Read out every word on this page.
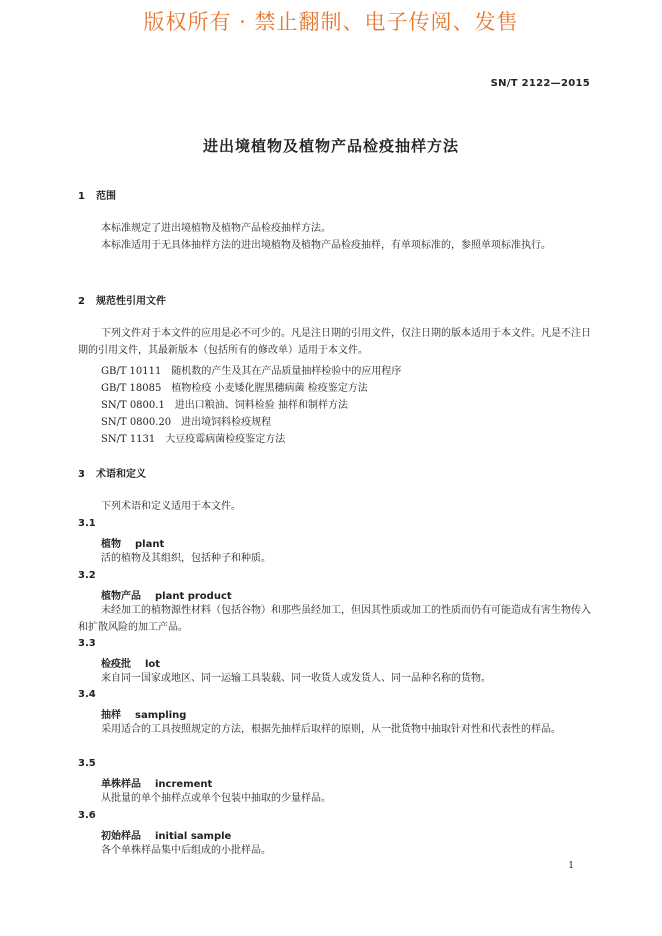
版权所有 · 禁止翻制、电子传阅、发售
SN/T 2122—2015
进出境植物及植物产品检疫抽样方法
1 范围
本标准规定了进出境植物及植物产品检疫抽样方法。
本标准适用于无具体抽样方法的进出境植物及植物产品检疫抽样，有单项标准的，参照单项标准执行。
2 规范性引用文件
下列文件对于本文件的应用是必不可少的。凡是注日期的引用文件，仅注日期的版本适用于本文件。凡是不注日期的引用文件，其最新版本（包括所有的修改单）适用于本文件。
GB/T 10111 随机数的产生及其在产品质量抽样检验中的应用程序
GB/T 18085 植物检疫 小麦矮化腥黑穗病菌 检疫鉴定方法
SN/T 0800.1 进出口粮油、饲料检验 抽样和制样方法
SN/T 0800.20 进出境饲料检疫规程
SN/T 1131 大豆疫霉病菌检疫鉴定方法
3 术语和定义
下列术语和定义适用于本文件。
3.1
植物 plant
活的植物及其组织，包括种子和种质。
3.2
植物产品 plant product
未经加工的植物源性材料（包括谷物）和那些虽经加工，但因其性质或加工的性质而仍有可能造成有害生物传入和扩散风险的加工产品。
3.3
检疫批 lot
来自同一国家或地区、同一运输工具装载、同一收货人或发货人、同一品种名称的货物。
3.4
抽样 sampling
采用适合的工具按照规定的方法，根据先抽样后取样的原则，从一批货物中抽取针对性和代表性的样品。
3.5
单株样品 increment
从批量的单个抽样点或单个包装中抽取的少量样品。
3.6
初始样品 initial sample
各个单株样品集中后组成的小批样品。
1
